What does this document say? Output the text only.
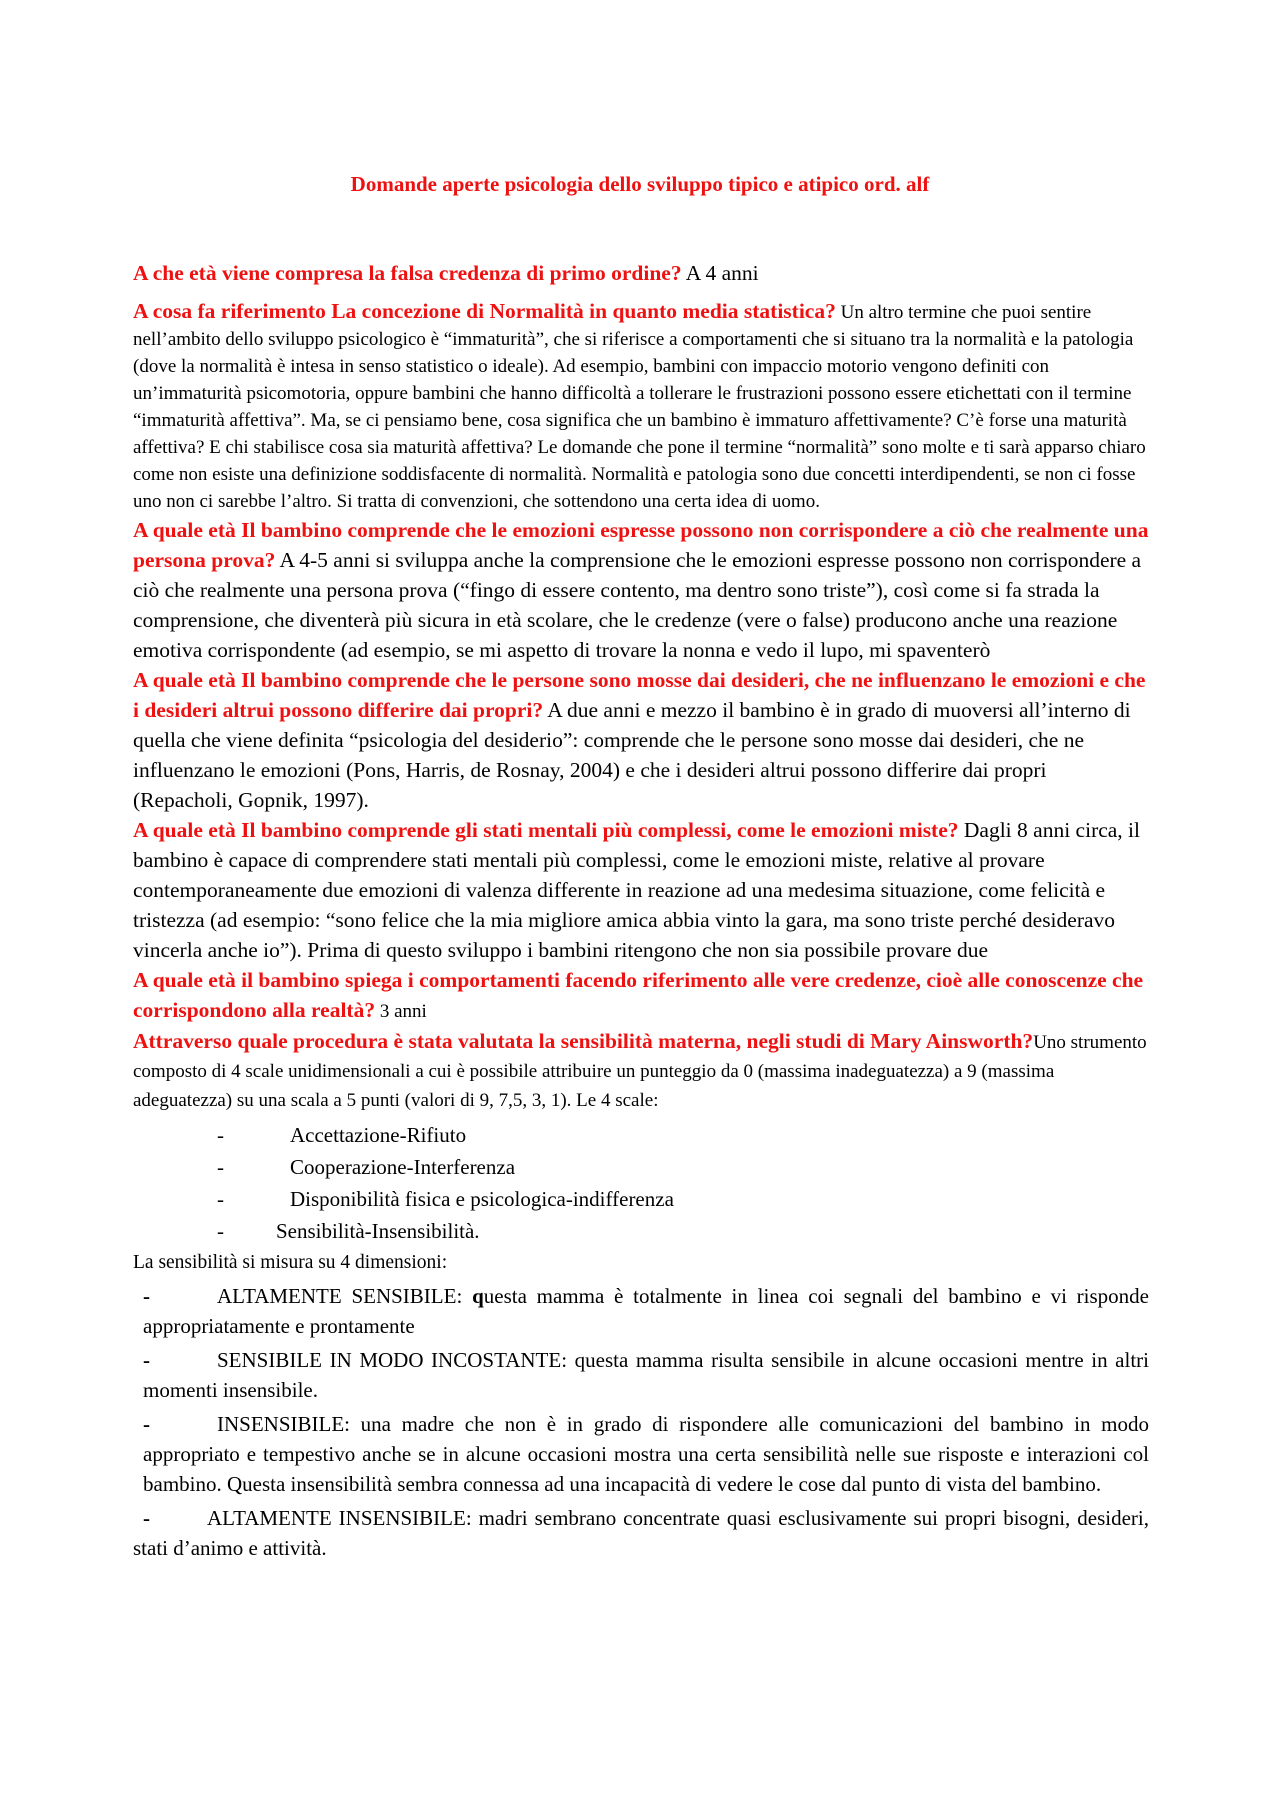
Domande aperte psicologia dello sviluppo tipico e atipico ord. alf

A che età viene compresa la falsa credenza di primo ordine? A 4 anni

A cosa fa riferimento La concezione di Normalità in quanto media statistica? Un altro termine che puoi sentire nell’ambito dello sviluppo psicologico è “immaturità”, che si riferisce a comportamenti che si situano tra la normalità e la patologia (dove la normalità è intesa in senso statistico o ideale). Ad esempio, bambini con impaccio motorio vengono definiti con un’immaturità psicomotoria, oppure bambini che hanno difficoltà a tollerare le frustrazioni possono essere etichettati con il termine “immaturità affettiva”. Ma, se ci pensiamo bene, cosa significa che un bambino è immaturo affettivamente? C’è forse una maturità affettiva? E chi stabilisce cosa sia maturità affettiva? Le domande che pone il termine “normalità” sono molte e ti sarà apparso chiaro come non esiste una definizione soddisfacente di normalità. Normalità e patologia sono due concetti interdipendenti, se non ci fosse uno non ci sarebbe l’altro. Si tratta di convenzioni, che sottendono una certa idea di uomo.

A quale età Il bambino comprende che le emozioni espresse possono non corrispondere a ciò che realmente una persona prova? A 4-5 anni si sviluppa anche la comprensione che le emozioni espresse possono non corrispondere a ciò che realmente una persona prova (“fingo di essere contento, ma dentro sono triste”), così come si fa strada la comprensione, che diventerà più sicura in età scolare, che le credenze (vere o false) producono anche una reazione emotiva corrispondente (ad esempio, se mi aspetto di trovare la nonna e vedo il lupo, mi spaventerò

A quale età Il bambino comprende che le persone sono mosse dai desideri, che ne influenzano le emozioni e che i desideri altrui possono differire dai propri? A due anni e mezzo il bambino è in grado di muoversi all’interno di quella che viene definita “psicologia del desiderio”: comprende che le persone sono mosse dai desideri, che ne influenzano le emozioni (Pons, Harris, de Rosnay, 2004) e che i desideri altrui possono differire dai propri (Repacholi, Gopnik, 1997).

A quale età Il bambino comprende gli stati mentali più complessi, come le emozioni miste? Dagli 8 anni circa, il bambino è capace di comprendere stati mentali più complessi, come le emozioni miste, relative al provare contemporaneamente due emozioni di valenza differente in reazione ad una medesima situazione, come felicità e tristezza (ad esempio: “sono felice che la mia migliore amica abbia vinto la gara, ma sono triste perché desideravo vincerla anche io”). Prima di questo sviluppo i bambini ritengono che non sia possibile provare due

A quale età il bambino spiega i comportamenti facendo riferimento alle vere credenze, cioè alle conoscenze che corrispondono alla realtà? 3 anni

Attraverso quale procedura è stata valutata la sensibilità materna, negli studi di Mary Ainsworth?Uno strumento composto di 4 scale unidimensionali a cui è possibile attribuire un punteggio da 0 (massima inadeguatezza) a 9 (massima adeguatezza) su una scala a 5 punti (valori di 9, 7,5, 3, 1). Le 4 scale:

-	Accettazione-Rifiuto
-	Cooperazione-Interferenza
-	Disponibilità fisica e psicologica-indifferenza
- Sensibilità-Insensibilità.

La sensibilità si misura su 4 dimensioni:

-	ALTAMENTE SENSIBILE: questa mamma è totalmente in linea coi segnali del bambino e vi risponde appropriatamente e prontamente

-	SENSIBILE IN MODO INCOSTANTE: questa mamma risulta sensibile in alcune occasioni mentre in altri momenti insensibile.

-	INSENSIBILE: una madre che non è in grado di rispondere alle comunicazioni del bambino in modo appropriato e tempestivo anche se in alcune occasioni mostra una certa sensibilità nelle sue risposte e interazioni col bambino. Questa insensibilità sembra connessa ad una incapacità di vedere le cose dal punto di vista del bambino.

-	ALTAMENTE INSENSIBILE: madri sembrano concentrate quasi esclusivamente sui propri bisogni, desideri, stati d’animo e attività.
